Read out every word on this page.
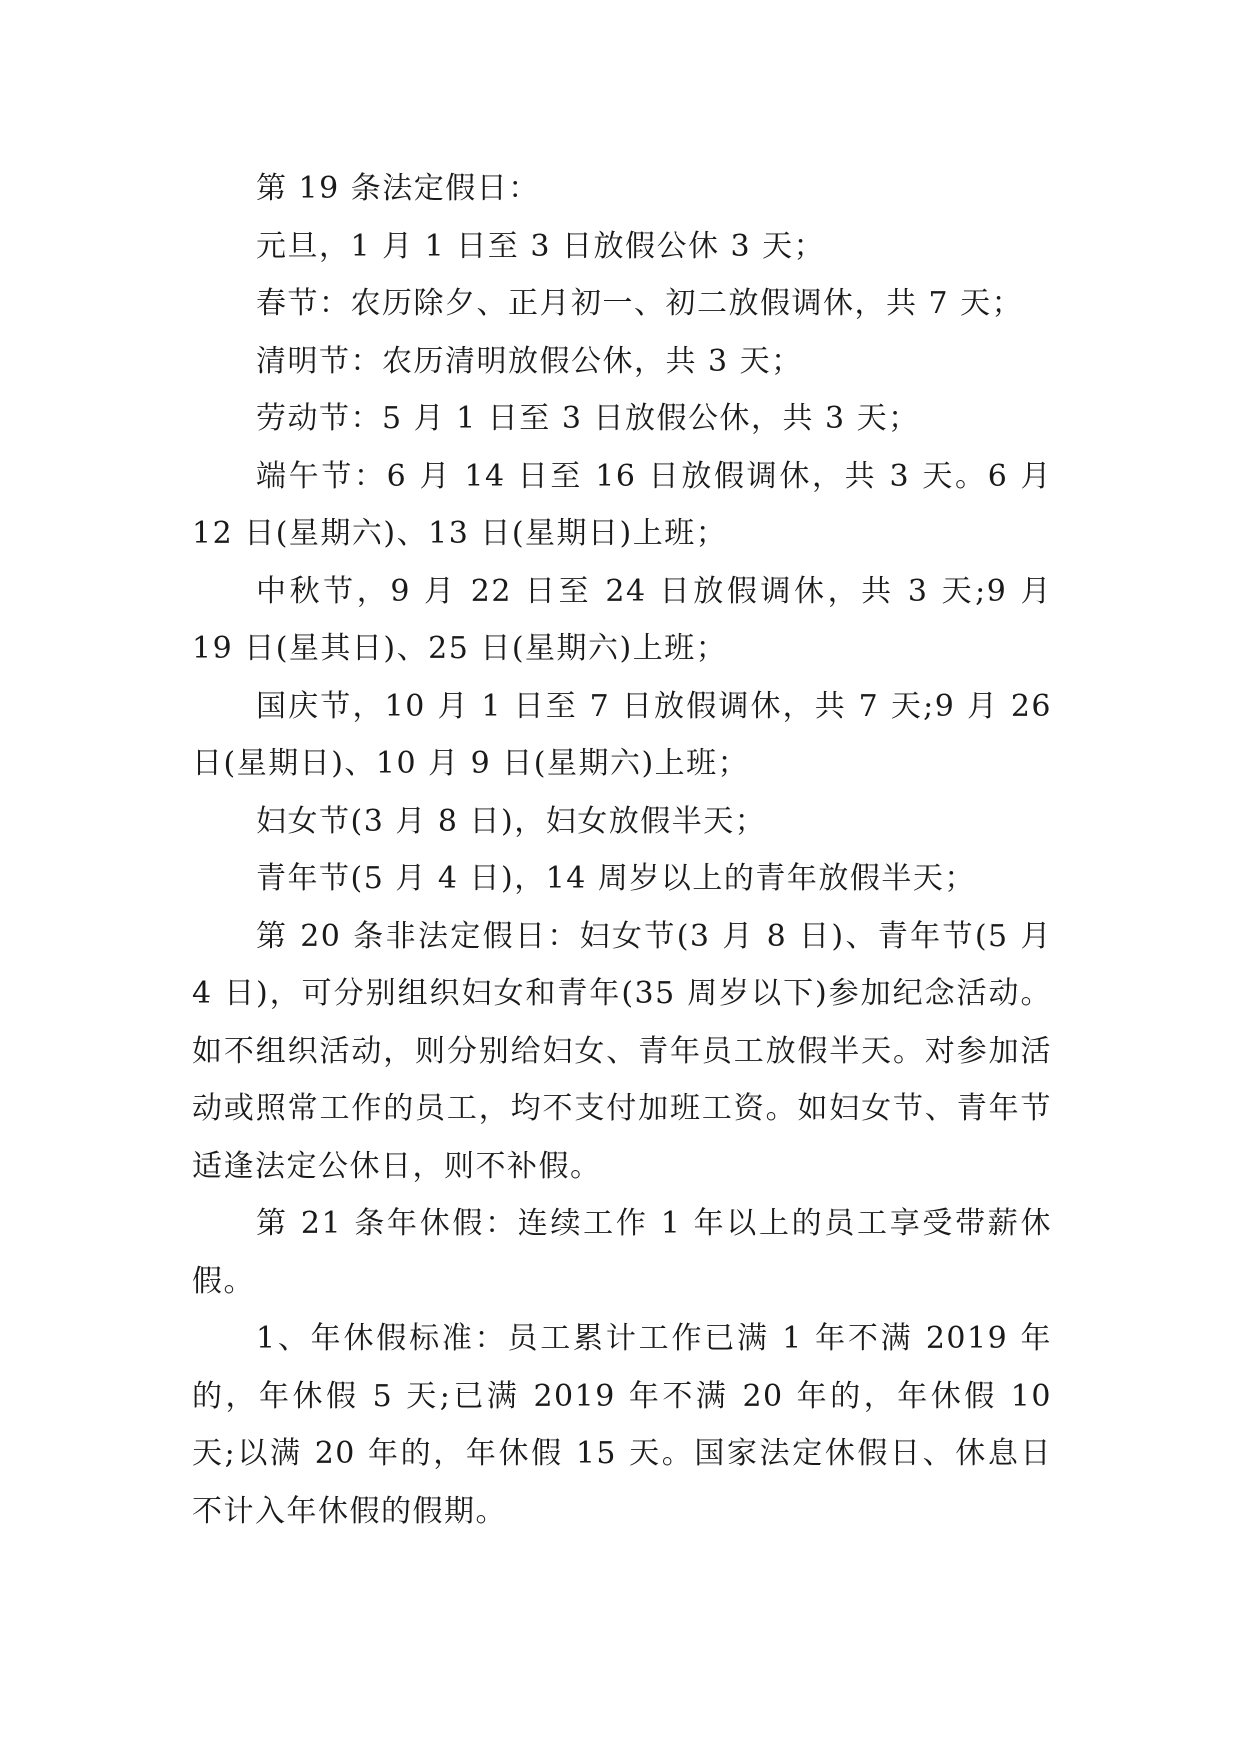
第 19 条法定假日：

元旦，1 月 1 日至 3 日放假公休 3 天；

春节：农历除夕、正月初一、初二放假调休，共 7 天；

清明节：农历清明放假公休，共 3 天；

劳动节：5 月 1 日至 3 日放假公休，共 3 天；

端午节：6 月 14 日至 16 日放假调休，共 3 天。6 月 12 日(星期六)、13 日(星期日)上班；

中秋节，9 月 22 日至 24 日放假调休，共 3 天;9 月 19 日(星其日)、25 日(星期六)上班；

国庆节，10 月 1 日至 7 日放假调休，共 7 天;9 月 26 日(星期日)、10 月 9 日(星期六)上班；

妇女节(3 月 8 日)，妇女放假半天；

青年节(5 月 4 日)，14 周岁以上的青年放假半天；

第 20 条非法定假日：妇女节(3 月 8 日)、青年节(5 月 4 日)，可分别组织妇女和青年(35 周岁以下)参加纪念活动。如不组织活动，则分别给妇女、青年员工放假半天。对参加活动或照常工作的员工，均不支付加班工资。如妇女节、青年节适逢法定公休日，则不补假。

第 21 条年休假：连续工作 1 年以上的员工享受带薪休假。

1、年休假标准：员工累计工作已满 1 年不满 2019 年的，年休假 5 天;已满 2019 年不满 20 年的，年休假 10 天;以满 20 年的，年休假 15 天。国家法定休假日、休息日不计入年休假的假期。
